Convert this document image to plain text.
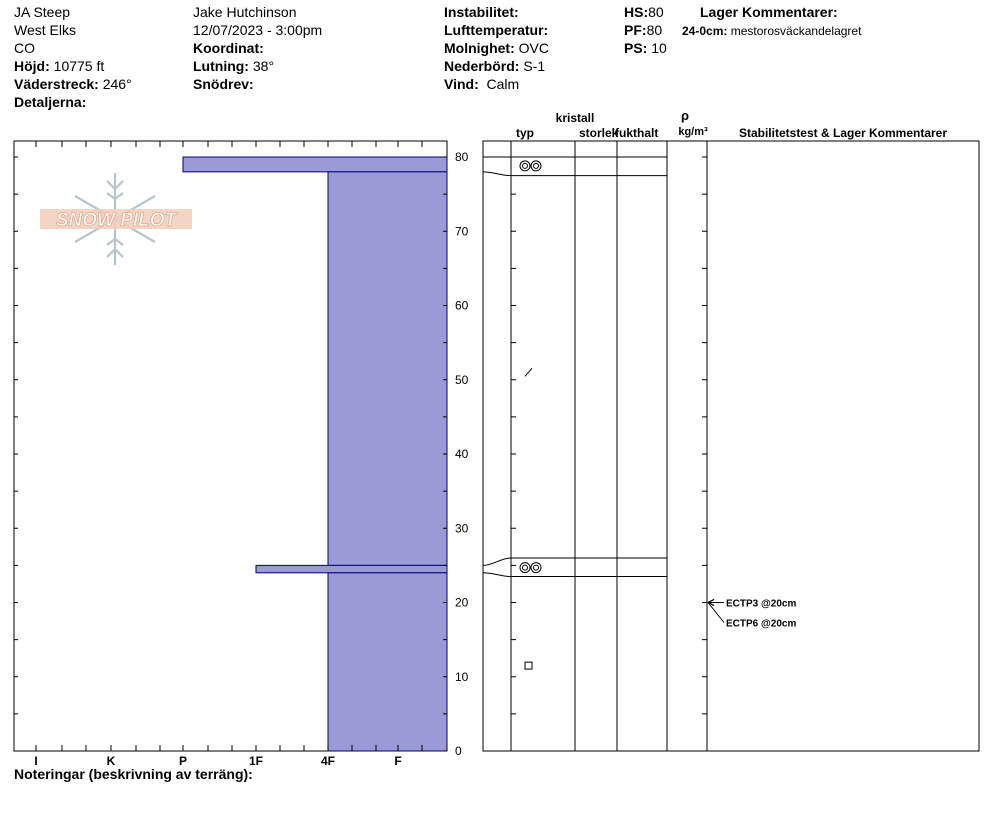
JA Steep
West Elks
CO
Höjd: 10775 ft
Väderstreck: 246°
Detaljerna:
Jake Hutchinson
12/07/2023 - 3:00pm
Koordinat:
Lutning: 38°
Snödrev:
Instabilitet:
Lufttemperatur:
Molnighet: OVC
Nederbörd: S-1
Vind: Calm
HS:80
PF:80
PS: 10
Lager Kommentarer:
24-0cm: mestorosväckandelagret
Noteringar (beskrivning av terräng):
SNOW PILOT
0
10
20
30
40
50
60
70
80
I	K	P	1F	4F	F
ECTP3 @20cm
ECTP6 @20cm
kristall
typ	storlek
fukthalt
ρ
kg/m³	Stabilitetstest & Lager Kommentarer
